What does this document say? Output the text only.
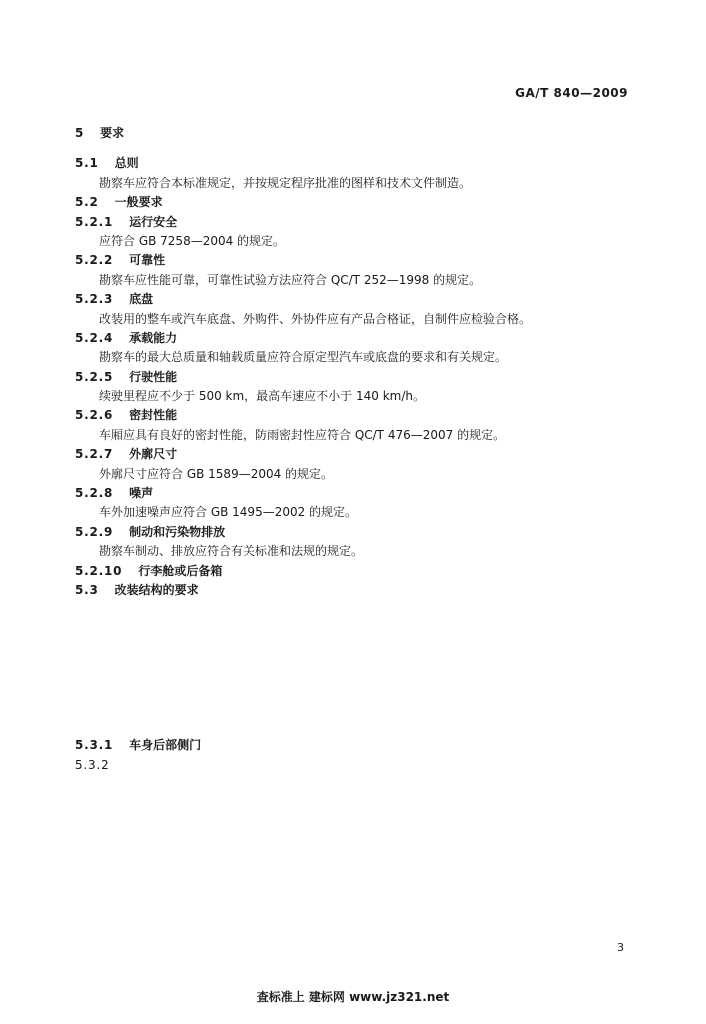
GA/T 840—2009
5 要求
5.1 总则
勘察车应符合本标准规定，并按规定程序批准的图样和技术文件制造。
5.2 一般要求
5.2.1 运行安全
应符合 GB 7258—2004 的规定。
5.2.2 可靠性
勘察车应性能可靠，可靠性试验方法应符合 QC/T 252—1998 的规定。
5.2.3 底盘
改装用的整车或汽车底盘、外购件、外协件应有产品合格证，自制件应检验合格。
5.2.4 承载能力
勘察车的最大总质量和轴载质量应符合原定型汽车或底盘的要求和有关规定。
5.2.5 行驶性能
续驶里程应不少于 500 km，最高车速应不小于 140 km/h。
5.2.6 密封性能
车厢应具有良好的密封性能，防雨密封性应符合 QC/T 476—2007 的规定。
5.2.7 外廓尺寸
外廓尺寸应符合 GB 1589—2004 的规定。
5.2.8 噪声
车外加速噪声应符合 GB 1495—2002 的规定。
5.2.9 制动和污染物排放
勘察车制动、排放应符合有关标准和法规的规定。
5.2.10 行李舱或后备箱
5.3 改装结构的要求
5.3.1 车身后部侧门
5.3.2
3
查标准上 建标网 www.jz321.net
